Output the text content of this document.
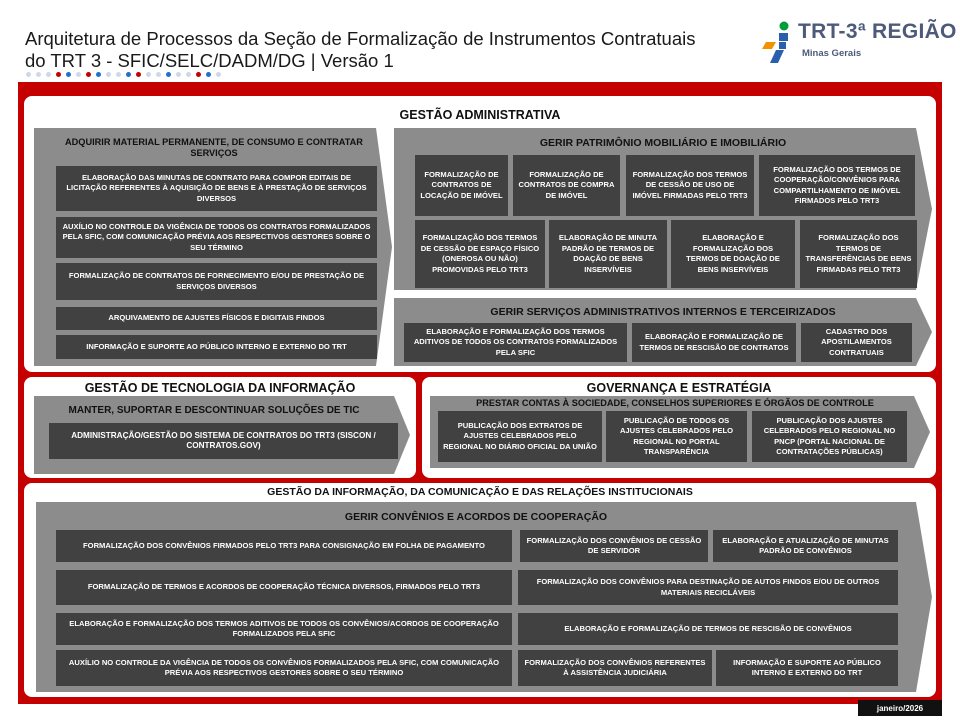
Arquitetura de Processos da Seção de Formalização de Instrumentos Contratuais
do TRT 3 - SFIC/SELC/DADM/DG | Versão 1
TRT-3ª REGIÃO
Minas Gerais
GESTÃO ADMINISTRATIVA
ADQUIRIR MATERIAL PERMANENTE, DE CONSUMO E CONTRATAR SERVIÇOS
ELABORAÇÃO DAS MINUTAS DE CONTRATO PARA COMPOR EDITAIS DE LICITAÇÃO REFERENTES À AQUISIÇÃO DE BENS E À PRESTAÇÃO DE SERVIÇOS DIVERSOS
AUXÍLIO NO CONTROLE DA VIGÊNCIA DE TODOS OS CONTRATOS FORMALIZADOS PELA SFIC, COM COMUNICAÇÃO PRÉVIA AOS RESPECTIVOS GESTORES SOBRE O SEU TÉRMINO
FORMALIZAÇÃO DE CONTRATOS DE FORNECIMENTO E/OU DE PRESTAÇÃO DE SERVIÇOS DIVERSOS
ARQUIVAMENTO DE AJUSTES FÍSICOS E DIGITAIS FINDOS
INFORMAÇÃO E SUPORTE AO PÚBLICO INTERNO E EXTERNO DO TRT
GERIR PATRIMÔNIO MOBILIÁRIO E IMOBILIÁRIO
FORMALIZAÇÃO DE CONTRATOS DE LOCAÇÃO DE IMÓVEL
FORMALIZAÇÃO DE CONTRATOS DE COMPRA DE IMÓVEL
FORMALIZAÇÃO DOS TERMOS DE CESSÃO DE USO DE IMÓVEL FIRMADAS PELO TRT3
FORMALIZAÇÃO DOS TERMOS DE COOPERAÇÃO/CONVÊNIOS PARA COMPARTILHAMENTO DE IMÓVEL FIRMADOS PELO TRT3
FORMALIZAÇÃO DOS TERMOS DE CESSÃO DE ESPAÇO FÍSICO (ONEROSA OU NÃO) PROMOVIDAS PELO TRT3
ELABORAÇÃO DE MINUTA PADRÃO DE TERMOS DE DOAÇÃO DE BENS INSERVÍVEIS
ELABORAÇÃO E FORMALIZAÇÃO DOS TERMOS DE DOAÇÃO DE BENS INSERVÍVEIS
FORMALIZAÇÃO DOS TERMOS DE TRANSFERÊNCIAS DE BENS FIRMADAS PELO TRT3
GERIR SERVIÇOS ADMINISTRATIVOS INTERNOS E TERCEIRIZADOS
ELABORAÇÃO E FORMALIZAÇÃO DOS TERMOS ADITIVOS DE TODOS OS CONTRATOS FORMALIZADOS PELA SFIC
ELABORAÇÃO E FORMALIZAÇÃO DE TERMOS DE RESCISÃO DE CONTRATOS
CADASTRO DOS APOSTILAMENTOS CONTRATUAIS
GESTÃO DE TECNOLOGIA DA INFORMAÇÃO
MANTER, SUPORTAR E DESCONTINUAR SOLUÇÕES DE TIC
ADMINISTRAÇÃO/GESTÃO DO SISTEMA DE CONTRATOS DO TRT3 (SISCON / CONTRATOS.GOV)
GOVERNANÇA E ESTRATÉGIA
PRESTAR CONTAS À SOCIEDADE, CONSELHOS SUPERIORES E ÓRGÃOS DE CONTROLE
PUBLICAÇÃO DOS EXTRATOS DE AJUSTES CELEBRADOS PELO REGIONAL NO DIÁRIO OFICIAL DA UNIÃO
PUBLICAÇÃO DE TODOS OS AJUSTES CELEBRADOS PELO REGIONAL NO PORTAL TRANSPARÊNCIA
PUBLICAÇÃO DOS AJUSTES CELEBRADOS PELO REGIONAL NO PNCP (PORTAL NACIONAL DE CONTRATAÇÕES PÚBLICAS)
GESTÃO DA INFORMAÇÃO, DA COMUNICAÇÃO E DAS RELAÇÕES INSTITUCIONAIS
GERIR CONVÊNIOS E ACORDOS DE COOPERAÇÃO
FORMALIZAÇÃO DOS CONVÊNIOS FIRMADOS PELO TRT3 PARA CONSIGNAÇÃO EM FOLHA DE PAGAMENTO
FORMALIZAÇÃO DE TERMOS E ACORDOS DE COOPERAÇÃO TÉCNICA DIVERSOS, FIRMADOS PELO TRT3
ELABORAÇÃO E FORMALIZAÇÃO DOS TERMOS ADITIVOS DE TODOS OS CONVÊNIOS/ACORDOS DE COOPERAÇÃO FORMALIZADOS PELA SFIC
AUXÍLIO NO CONTROLE DA VIGÊNCIA DE TODOS OS CONVÊNIOS FORMALIZADOS PELA SFIC, COM COMUNICAÇÃO PRÉVIA AOS RESPECTIVOS GESTORES SOBRE O SEU TÉRMINO
FORMALIZAÇÃO DOS CONVÊNIOS DE CESSÃO DE SERVIDOR
ELABORAÇÃO E ATUALIZAÇÃO DE MINUTAS PADRÃO DE CONVÊNIOS
FORMALIZAÇÃO DOS CONVÊNIOS PARA DESTINAÇÃO DE AUTOS FINDOS E/OU DE OUTROS MATERIAIS RECICLÁVEIS
ELABORAÇÃO E FORMALIZAÇÃO DE TERMOS DE RESCISÃO DE CONVÊNIOS
FORMALIZAÇÃO DOS CONVÊNIOS REFERENTES À ASSISTÊNCIA JUDICIÁRIA
INFORMAÇÃO E SUPORTE AO PÚBLICO INTERNO E EXTERNO DO TRT
janeiro/2026
